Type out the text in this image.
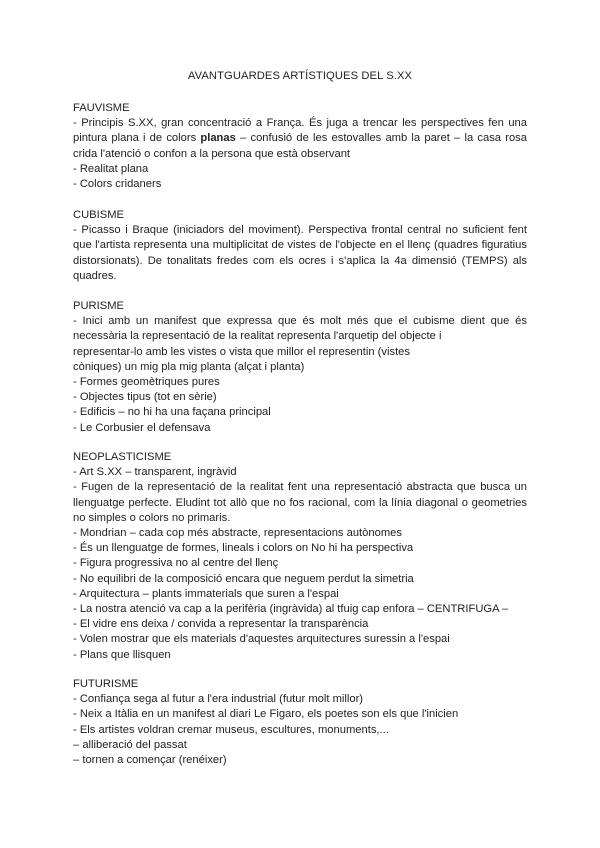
AVANTGUARDES ARTÍSTIQUES DEL S.XX

FAUVISME

- Principis S.XX, gran concentració a França. És juga a trencar les perspectives fen una pintura plana i de colors planas – confusió de les estovalles amb la paret – la casa rosa crida l'atenció o confon a la persona que està observant

- Realitat plana

- Colors cridaners

CUBISME

- Picasso i Braque (iniciadors del moviment). Perspectiva frontal central no suficient fent que l'artista representa una multiplicitat de vistes de l'objecte en el llenç (quadres figuratius distorsionats). De tonalitats fredes com els ocres i s'aplica la 4a dimensió (TEMPS) als quadres.

PURISME

- Inici amb un manifest que expressa que és molt més que el cubisme dient que és necessària la representació de la realitat representa l'arquetip del objecte i

representar-lo amb les vistes o vista que millor el representin (vistes

còniques) un mig pla mig planta (alçat i planta)

- Formes geomètriques pures

- Objectes tipus (tot en sèrie)

- Edificis – no hi ha una façana principal

- Le Corbusier el defensava

NEOPLASTICISME

- Art S.XX – transparent, ingràvid

- Fugen de la representació de la realitat fent una representació abstracta que busca un llenguatge perfecte. Eludint tot allò que no fos racional, com la línia diagonal o geometries no simples o colors no primaris.

- Mondrian – cada cop més abstracte, representacions autònomes

- És un llenguatge de formes, lineals i colors on No hi ha perspectiva

- Figura progressiva no al centre del llenç

- No equilibri de la composició encara que neguem perdut la simetria

- Arquitectura – plants immaterials que suren a l'espai

- La nostra atenció va cap a la perifèria (ingràvida) al tfuig cap enfora – CENTRIFUGA –

- El vidre ens deixa / convida a representar la transparència

- Volen mostrar que els materials d'aquestes arquitectures suressin a l'espai

- Plans que llisquen

FUTURISME

- Confiança sega al futur a l'era industrial (futur molt millor)

- Neix a Itàlia en un manifest al diari Le Figaro, els poetes son els que l'inicien

- Els artistes voldran cremar museus, escultures, monuments,...

– alliberació del passat

– tornen a començar (renéixer)
